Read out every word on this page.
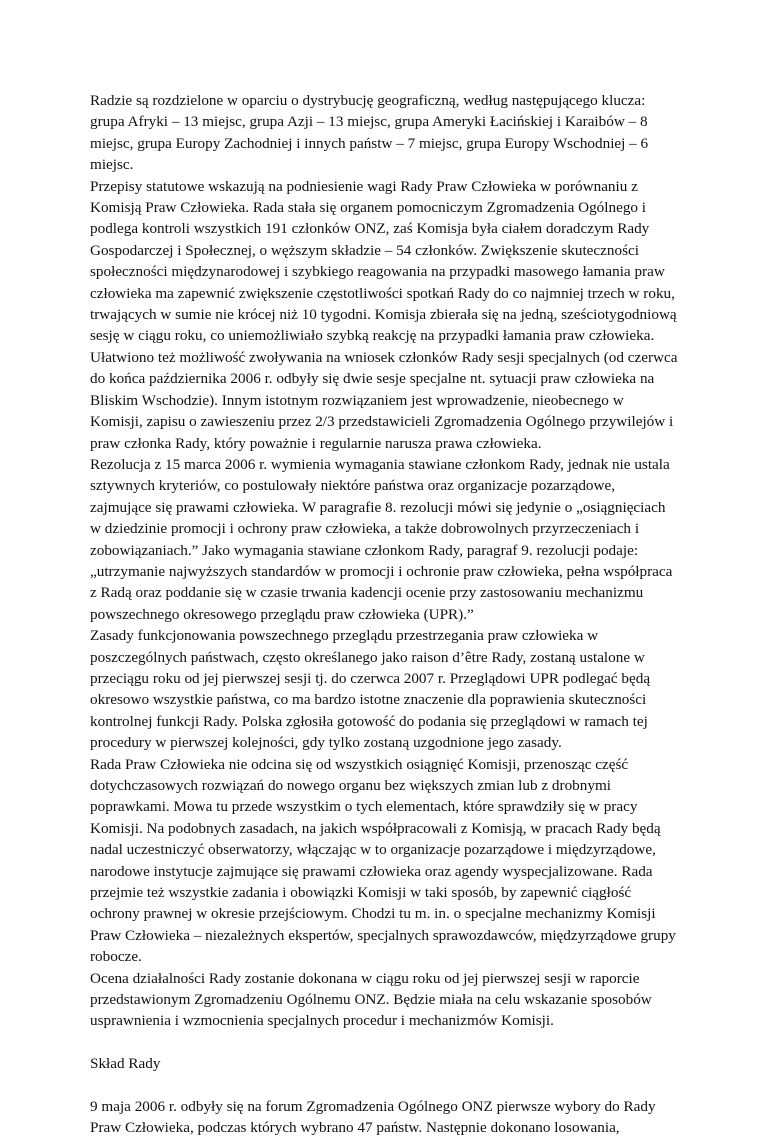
Radzie są rozdzielone w oparciu o dystrybucję geograficzną, według następującego klucza: grupa Afryki – 13 miejsc, grupa Azji – 13 miejsc, grupa Ameryki Łacińskiej i Karaibów – 8 miejsc, grupa Europy Zachodniej i innych państw – 7 miejsc, grupa Europy Wschodniej – 6 miejsc.

Przepisy statutowe wskazują na podniesienie wagi Rady Praw Człowieka w porównaniu z Komisją Praw Człowieka. Rada stała się organem pomocniczym Zgromadzenia Ogólnego i podlega kontroli wszystkich 191 członków ONZ, zaś Komisja była ciałem doradczym Rady Gospodarczej i Społecznej, o węższym składzie – 54 członków. Zwiększenie skuteczności społeczności międzynarodowej i szybkiego reagowania na przypadki masowego łamania praw człowieka ma zapewnić zwiększenie częstotliwości spotkań Rady do co najmniej trzech w roku, trwających w sumie nie krócej niż 10 tygodni. Komisja zbierała się na jedną, sześciotygodniową sesję w ciągu roku, co uniemożliwiało szybką reakcję na przypadki łamania praw człowieka. Ułatwiono też możliwość zwoływania na wniosek członków Rady sesji specjalnych (od czerwca do końca października 2006 r. odbyły się dwie sesje specjalne nt. sytuacji praw człowieka na Bliskim Wschodzie). Innym istotnym rozwiązaniem jest wprowadzenie, nieobecnego w Komisji, zapisu o zawieszeniu przez 2/3 przedstawicieli Zgromadzenia Ogólnego przywilejów i praw członka Rady, który poważnie i regularnie narusza prawa człowieka.

Rezolucja z 15 marca 2006 r. wymienia wymagania stawiane członkom Rady, jednak nie ustala sztywnych kryteriów, co postulowały niektóre państwa oraz organizacje pozarządowe, zajmujące się prawami człowieka. W paragrafie 8. rezolucji mówi się jedynie o „osiągnięciach w dziedzinie promocji i ochrony praw człowieka, a także dobrowolnych przyrzeczeniach i zobowiązaniach.” Jako wymagania stawiane członkom Rady, paragraf 9. rezolucji podaje: „utrzymanie najwyższych standardów w promocji i ochronie praw człowieka, pełna współpraca z Radą oraz poddanie się w czasie trwania kadencji ocenie przy zastosowaniu mechanizmu powszechnego okresowego przeglądu praw człowieka (UPR).”

Zasady funkcjonowania powszechnego przeglądu przestrzegania praw człowieka w poszczególnych państwach, często określanego jako raison d’être Rady, zostaną ustalone w przeciągu roku od jej pierwszej sesji tj. do czerwca 2007 r. Przeglądowi UPR podlegać będą okresowo wszystkie państwa, co ma bardzo istotne znaczenie dla poprawienia skuteczności kontrolnej funkcji Rady. Polska zgłosiła gotowość do podania się przeglądowi w ramach tej procedury w pierwszej kolejności, gdy tylko zostaną uzgodnione jego zasady.

Rada Praw Człowieka nie odcina się od wszystkich osiągnięć Komisji, przenosząc część dotychczasowych rozwiązań do nowego organu bez większych zmian lub z drobnymi poprawkami. Mowa tu przede wszystkim o tych elementach, które sprawdziły się w pracy Komisji. Na podobnych zasadach, na jakich współpracowali z Komisją, w pracach Rady będą nadal uczestniczyć obserwatorzy, włączając w to organizacje pozarządowe i międzyrządowe, narodowe instytucje zajmujące się prawami człowieka oraz agendy wyspecjalizowane. Rada przejmie też wszystkie zadania i obowiązki Komisji w taki sposób, by zapewnić ciągłość ochrony prawnej w okresie przejściowym. Chodzi tu m. in. o specjalne mechanizmy Komisji Praw Człowieka – niezależnych ekspertów, specjalnych sprawozdawców, międzyrządowe grupy robocze.

Ocena działalności Rady zostanie dokonana w ciągu roku od jej pierwszej sesji w raporcie przedstawionym Zgromadzeniu Ogólnemu ONZ. Będzie miała na celu wskazanie sposobów usprawnienia i wzmocnienia specjalnych procedur i mechanizmów Komisji.

Skład Rady

9 maja 2006 r. odbyły się na forum Zgromadzenia Ogólnego ONZ pierwsze wybory do Rady Praw Człowieka, podczas których wybrano 47 państw. Następnie dokonano losowania,
